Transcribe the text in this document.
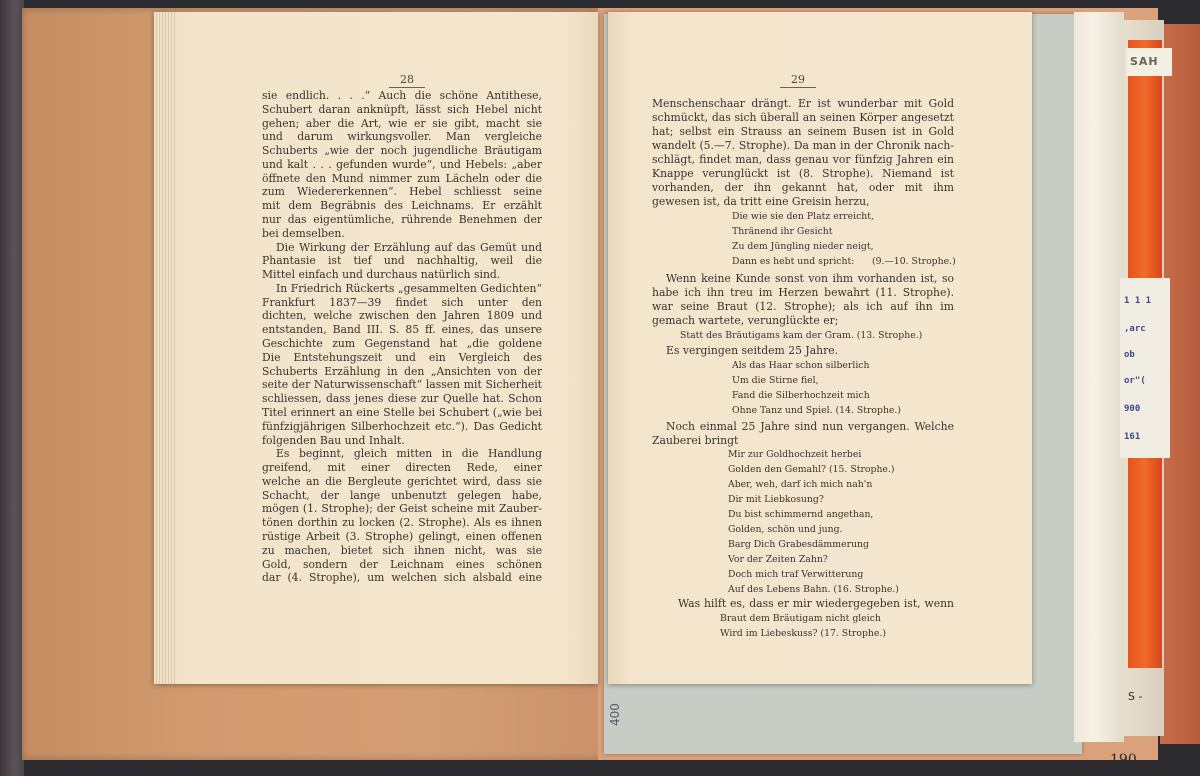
SAH
1 1 1
,arc
ob
or"(
900
161
S -
190
400
sie endlich. . . .“ Auch die schöne Antithese,
Schubert daran anknüpft, lässt sich Hebel nicht
gehen; aber die Art, wie er sie gibt, macht sie
und darum wirkungsvoller. Man vergleiche
Schuberts „wie der noch jugendliche Bräutigam
und kalt . . . gefunden wurde“, und Hebels: „aber
öffnete den Mund nimmer zum Lächeln oder die
zum Wiedererkennen“. Hebel schliesst seine
mit dem Begräbnis des Leichnams. Er erzählt
nur das eigentümliche, rührende Benehmen der
bei demselben.
Die Wirkung der Erzählung auf das Gemüt und
Phantasie ist tief und nachhaltig, weil die
Mittel einfach und durchaus natürlich sind.
In Friedrich Rückerts „gesammelten Gedichten“
Frankfurt 1837—39 findet sich unter den
dichten, welche zwischen den Jahren 1809 und
entstanden, Band III. S. 85 ff. eines, das unsere
Geschichte zum Gegenstand hat „die goldene
Die Entstehungszeit und ein Vergleich des
Schuberts Erzählung in den „Ansichten von der
seite der Naturwissenschaft“ lassen mit Sicherheit
schliessen, dass jenes diese zur Quelle hat. Schon
Titel erinnert an eine Stelle bei Schubert („wie bei
fünfzigjährigen Silberhochzeit etc.“). Das Gedicht
folgenden Bau und Inhalt.
Es beginnt, gleich mitten in die Handlung
greifend, mit einer directen Rede, einer
welche an die Bergleute gerichtet wird, dass sie
Schacht, der lange unbenutzt gelegen habe,
mögen (1. Strophe); der Geist scheine mit Zauber-
tönen dorthin zu locken (2. Strophe). Als es ihnen
rüstige Arbeit (3. Strophe) gelingt, einen offenen
zu machen, bietet sich ihnen nicht, was sie
Gold, sondern der Leichnam eines schönen
dar (4. Strophe), um welchen sich alsbald eine
28
Menschenschaar drängt. Er ist wunderbar mit Gold
schmückt, das sich überall an seinen Körper angesetzt
hat; selbst ein Strauss an seinem Busen ist in Gold
wandelt (5.—7. Strophe). Da man in der Chronik nach-
schlägt, findet man, dass genau vor fünfzig Jahren ein
Knappe verunglückt ist (8. Strophe). Niemand ist
vorhanden, der ihn gekannt hat, oder mit ihm
gewesen ist, da tritt eine Greisin herzu,
Die wie sie den Platz erreicht,
Thränend ihr Gesicht
Zu dem Jüngling nieder neigt,
Dann es hebt und spricht: (9.—10. Strophe.)
Wenn keine Kunde sonst von ihm vorhanden ist, so
habe ich ihn treu im Herzen bewahrt (11. Strophe).
war seine Braut (12. Strophe); als ich auf ihn im
gemach wartete, verunglückte er;
Statt des Bräutigams kam der Gram. (13. Strophe.)
Es vergingen seitdem 25 Jahre.
Als das Haar schon silberlich
Um die Stirne fiel,
Fand die Silberhochzeit mich
Ohne Tanz und Spiel. (14. Strophe.)
Noch einmal 25 Jahre sind nun vergangen. Welche
Zauberei bringt
Mir zur Goldhochzeit herbei
Golden den Gemahl? (15. Strophe.)
Aber, weh, darf ich mich nah'n
Dir mit Liebkosung?
Du bist schimmernd angethan,
Golden, schön und jung.
Barg Dich Grabesdämmerung
Vor der Zeiten Zahn?
Doch mich traf Verwitterung
Auf des Lebens Bahn. (16. Strophe.)
Was hilft es, dass er mir wiedergegeben ist, wenn
Braut dem Bräutigam nicht gleich
Wird im Liebeskuss? (17. Strophe.)
29
